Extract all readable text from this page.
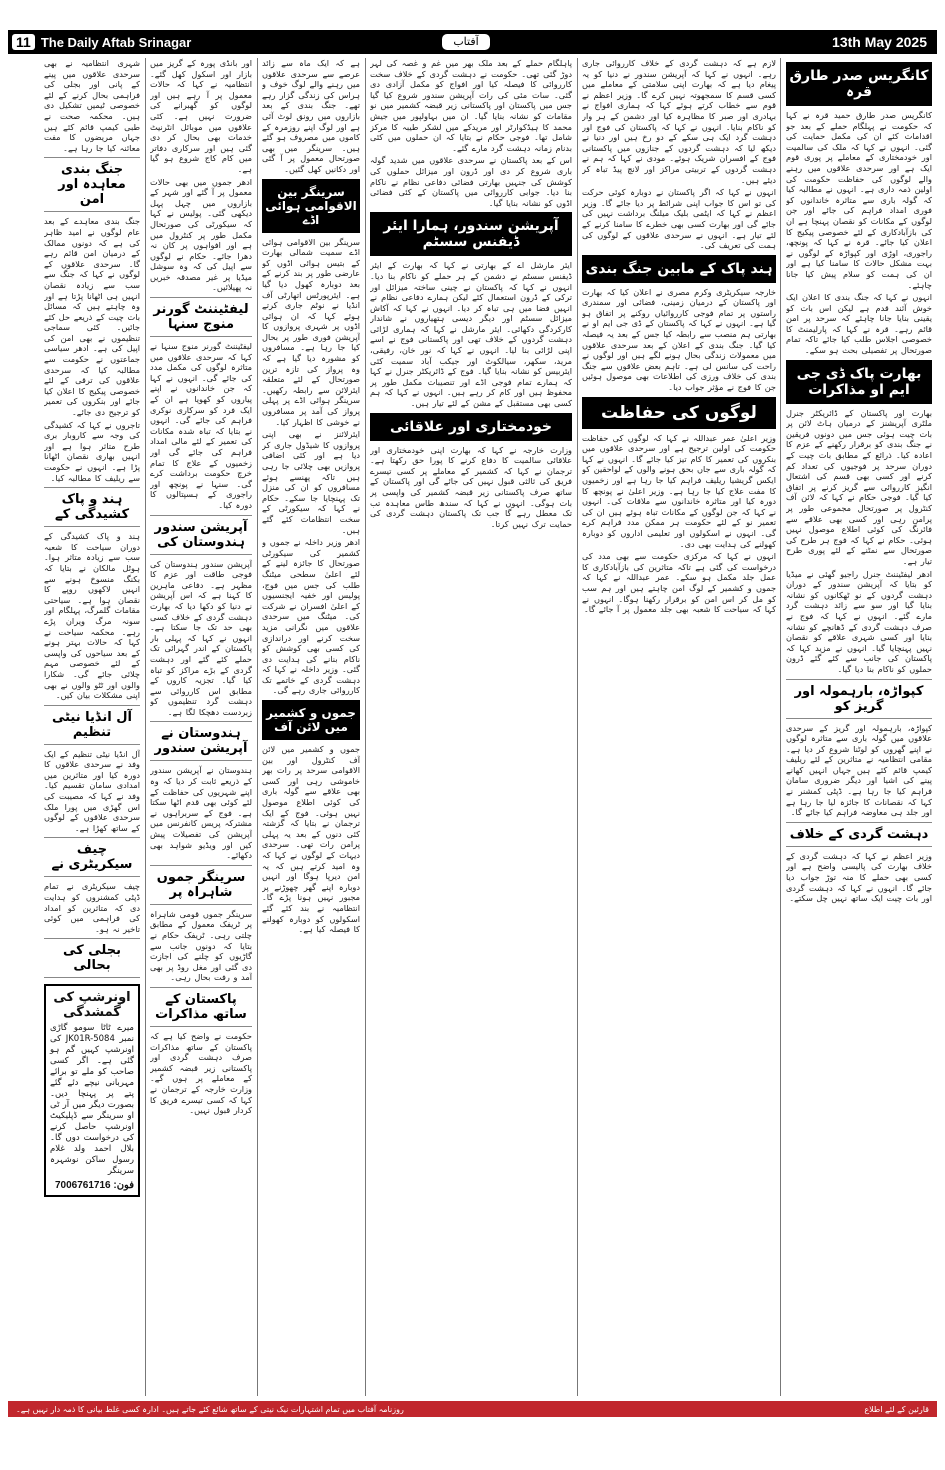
11 The Daily Aftab Srinagar	13th May 2025
آفتاب
کانگریس صدر طارق قرہ

کانگریس صدر طارق حمید قرہ نے کہا کہ حکومت نے پہلگام حملے کے بعد جو اقدامات کئے ان کی مکمل حمایت کی گئی۔ انہوں نے کہا کہ ملک کی سالمیت اور خودمختاری کے معاملے پر پوری قوم ایک ہے اور سرحدی علاقوں میں رہنے والے لوگوں کی حفاظت حکومت کی اولین ذمہ داری ہے۔ انہوں نے مطالبہ کیا کہ گولہ باری سے متاثرہ خاندانوں کو فوری امداد فراہم کی جائے اور جن لوگوں کے مکانات کو نقصان پہنچا ہے ان کی بازآبادکاری کے لئے خصوصی پیکیج کا اعلان کیا جائے۔ قرہ نے کہا کہ پونچھ، راجوری، اوڑی اور کپواڑہ کے لوگوں نے بہت مشکل حالات کا سامنا کیا ہے اور ان کی ہمت کو سلام پیش کیا جانا چاہئے۔

انہوں نے کہا کہ جنگ بندی کا اعلان ایک خوش آئند قدم ہے لیکن اس بات کو یقینی بنایا جانا چاہئے کہ سرحد پر امن قائم رہے۔ قرہ نے کہا کہ پارلیمنٹ کا خصوصی اجلاس طلب کیا جائے تاکہ تمام صورتحال پر تفصیلی بحث ہو سکے۔

بھارت پاک ڈی جی ایم او مذاکرات

بھارت اور پاکستان کے ڈائریکٹر جنرل ملٹری آپریشنز کے درمیان ہاٹ لائن پر بات چیت ہوئی جس میں دونوں فریقین نے جنگ بندی کو برقرار رکھنے کے عزم کا اعادہ کیا۔ ذرائع کے مطابق بات چیت کے دوران سرحد پر فوجیوں کی تعداد کم کرنے اور کسی بھی قسم کی اشتعال انگیز کارروائی سے گریز کرنے پر اتفاق کیا گیا۔ فوجی حکام نے کہا کہ لائن آف کنٹرول پر صورتحال مجموعی طور پر پرامن رہی اور کسی بھی علاقے سے فائرنگ کی کوئی اطلاع موصول نہیں ہوئی۔ حکام نے کہا کہ فوج ہر طرح کی صورتحال سے نمٹنے کے لئے پوری طرح تیار ہے۔

ادھر لیفٹیننٹ جنرل راجیو گھئی نے میڈیا کو بتایا کہ آپریشن سندور کے دوران دہشت گردوں کے نو ٹھکانوں کو نشانہ بنایا گیا اور سو سے زائد دہشت گرد مارے گئے۔ انہوں نے کہا کہ فوج نے صرف دہشت گردی کے ڈھانچے کو نشانہ بنایا اور کسی شہری علاقے کو نقصان نہیں پہنچایا گیا۔ انہوں نے مزید کہا کہ پاکستان کی جانب سے کئے گئے ڈرون حملوں کو ناکام بنا دیا گیا۔

کپواڑہ، بارہمولہ اور گریز کو

کپواڑہ، بارہمولہ اور گریز کے سرحدی علاقوں میں گولہ باری سے متاثرہ لوگوں نے اپنے گھروں کو لوٹنا شروع کر دیا ہے۔ مقامی انتظامیہ نے متاثرین کے لئے ریلیف کیمپ قائم کئے ہیں جہاں انہیں کھانے پینے کی اشیا اور دیگر ضروری سامان فراہم کیا جا رہا ہے۔ ڈپٹی کمشنر نے کہا کہ نقصانات کا جائزہ لیا جا رہا ہے اور جلد ہی معاوضہ فراہم کیا جائے گا۔

دہشت گردی کے خلاف

وزیر اعظم نے کہا کہ دہشت گردی کے خلاف بھارت کی پالیسی واضح ہے اور کسی بھی حملے کا منہ توڑ جواب دیا جائے گا۔ انہوں نے کہا کہ دہشت گردی اور بات چیت ایک ساتھ نہیں چل سکتے۔

لازم ہے کہ دہشت گردی کے خلاف کارروائی جاری رہے۔ انہوں نے کہا کہ آپریشن سندور نے دنیا کو یہ پیغام دیا ہے کہ بھارت اپنی سلامتی کے معاملے میں کسی قسم کا سمجھوتہ نہیں کرے گا۔ وزیر اعظم نے قوم سے خطاب کرتے ہوئے کہا کہ ہماری افواج نے بہادری اور صبر کا مظاہرہ کیا اور دشمن کے ہر وار کو ناکام بنایا۔ انہوں نے کہا کہ پاکستان کی فوج اور دہشت گرد ایک ہی سکے کے دو رخ ہیں اور دنیا نے دیکھ لیا کہ دہشت گردوں کے جنازوں میں پاکستانی فوج کے افسران شریک ہوئے۔ مودی نے کہا کہ ہم نے دہشت گردوں کے تربیتی مراکز اور لانچ پیڈ تباہ کر دیئے ہیں۔

انہوں نے کہا کہ اگر پاکستان نے دوبارہ کوئی حرکت کی تو اس کا جواب اپنی شرائط پر دیا جائے گا۔ وزیر اعظم نے کہا کہ ایٹمی بلیک میلنگ برداشت نہیں کی جائے گی اور بھارت کسی بھی خطرے کا سامنا کرنے کے لئے تیار ہے۔ انہوں نے سرحدی علاقوں کے لوگوں کی ہمت کی تعریف کی۔

ہند پاک کے مابین جنگ بندی

خارجہ سیکریٹری وکرم مصری نے اعلان کیا کہ بھارت اور پاکستان کے درمیان زمینی، فضائی اور سمندری راستوں پر تمام فوجی کارروائیاں روکنے پر اتفاق ہو گیا ہے۔ انہوں نے کہا کہ پاکستان کے ڈی جی ایم او نے بھارتی ہم منصب سے رابطہ کیا جس کے بعد یہ فیصلہ کیا گیا۔ جنگ بندی کے اعلان کے بعد سرحدی علاقوں میں معمولات زندگی بحال ہونے لگے ہیں اور لوگوں نے راحت کی سانس لی ہے۔ تاہم بعض علاقوں سے جنگ بندی کی خلاف ورزی کی اطلاعات بھی موصول ہوئیں جن کا فوج نے مؤثر جواب دیا۔

لوگوں کی حفاظت

وزیر اعلیٰ عمر عبداللہ نے کہا کہ لوگوں کی حفاظت حکومت کی اولین ترجیح ہے اور سرحدی علاقوں میں بنکروں کی تعمیر کا کام تیز کیا جائے گا۔ انہوں نے کہا کہ گولہ باری سے جاں بحق ہونے والوں کے لواحقین کو ایکس گریشیا ریلیف فراہم کیا جا رہا ہے اور زخمیوں کا مفت علاج کیا جا رہا ہے۔ وزیر اعلیٰ نے پونچھ کا دورہ کیا اور متاثرہ خاندانوں سے ملاقات کی۔ انہوں نے کہا کہ جن لوگوں کے مکانات تباہ ہوئے ہیں ان کی تعمیر نو کے لئے حکومت ہر ممکن مدد فراہم کرے گی۔ انہوں نے اسکولوں اور تعلیمی اداروں کو دوبارہ کھولنے کی ہدایت بھی دی۔

انہوں نے کہا کہ مرکزی حکومت سے بھی مدد کی درخواست کی گئی ہے تاکہ متاثرین کی بازآبادکاری کا عمل جلد مکمل ہو سکے۔ عمر عبداللہ نے کہا کہ جموں و کشمیر کے لوگ امن چاہتے ہیں اور ہم سب کو مل کر اس امن کو برقرار رکھنا ہوگا۔ انہوں نے کہا کہ سیاحت کا شعبہ بھی جلد معمول پر آ جائے گا۔

پاہلگام حملے کے بعد ملک بھر میں غم و غصہ کی لہر دوڑ گئی تھی۔ حکومت نے دہشت گردی کے خلاف سخت کارروائی کا فیصلہ کیا اور افواج کو مکمل آزادی دی گئی۔ سات مئی کی رات آپریشن سندور شروع کیا گیا جس میں پاکستان اور پاکستانی زیر قبضہ کشمیر میں نو مقامات کو نشانہ بنایا گیا۔ ان میں بہاولپور میں جیش محمد کا ہیڈکوارٹر اور مریدکے میں لشکر طیبہ کا مرکز شامل تھا۔ فوجی حکام نے بتایا کہ ان حملوں میں کئی بدنام زمانہ دہشت گرد مارے گئے۔

اس کے بعد پاکستان نے سرحدی علاقوں میں شدید گولہ باری شروع کر دی اور ڈرون اور میزائل حملوں کی کوشش کی جنہیں بھارتی فضائی دفاعی نظام نے ناکام بنا دیا۔ جوابی کارروائی میں پاکستان کے کئی فضائی اڈوں کو نشانہ بنایا گیا۔

آپریشن سندور، ہمارا ایئر ڈیفنس سسٹم

ایئر مارشل اے کے بھارتی نے کہا کہ بھارت کے ایئر ڈیفنس سسٹم نے دشمن کے ہر حملے کو ناکام بنا دیا۔ انہوں نے کہا کہ پاکستان نے چینی ساختہ میزائل اور ترکی کے ڈرون استعمال کئے لیکن ہمارے دفاعی نظام نے انہیں فضا میں ہی تباہ کر دیا۔ انہوں نے کہا کہ آکاش میزائل سسٹم اور دیگر دیسی ہتھیاروں نے شاندار کارکردگی دکھائی۔ ایئر مارشل نے کہا کہ ہماری لڑائی دہشت گردوں کے خلاف تھی اور پاکستانی فوج نے اسے اپنی لڑائی بنا لیا۔ انہوں نے کہا کہ نور خان، رفیقی، مرید، سکھر، سیالکوٹ اور جیکب آباد سمیت کئی ایئربیس کو نشانہ بنایا گیا۔ فوج کے ڈائریکٹر جنرل نے کہا کہ ہمارے تمام فوجی اڈے اور تنصیبات مکمل طور پر محفوظ ہیں اور کام کر رہے ہیں۔ انہوں نے کہا کہ ہم کسی بھی مستقبل کے مشن کے لئے تیار ہیں۔

خودمختاری اور علاقائی

وزارت خارجہ نے کہا کہ بھارت اپنی خودمختاری اور علاقائی سالمیت کا دفاع کرنے کا پورا حق رکھتا ہے۔ ترجمان نے کہا کہ کشمیر کے معاملے پر کسی تیسرے فریق کی ثالثی قبول نہیں کی جائے گی اور پاکستان کے ساتھ صرف پاکستانی زیر قبضہ کشمیر کی واپسی پر بات ہوگی۔ انہوں نے کہا کہ سندھ طاس معاہدہ تب تک معطل رہے گا جب تک پاکستان دہشت گردی کی حمایت ترک نہیں کرتا۔

ہے کہ ایک ماہ سے زائد عرصے سے سرحدی علاقوں میں رہنے والے لوگ خوف و ہراس کی زندگی گزار رہے تھے۔ جنگ بندی کے بعد بازاروں میں رونق لوٹ آئی ہے اور لوگ اپنے روزمرہ کے کاموں میں مصروف ہو گئے ہیں۔ سرینگر میں بھی صورتحال معمول پر آ گئی اور دکانیں کھل گئیں۔

سرینگر بین الاقوامی ہوائی اڈے

سرینگر بین الاقوامی ہوائی اڈے سمیت شمالی بھارت کے بتیس ہوائی اڈوں کو عارضی طور پر بند کرنے کے بعد دوبارہ کھول دیا گیا ہے۔ ایئرپورٹس اتھارٹی آف انڈیا نے نوٹم جاری کرتے ہوئے کہا کہ ان ہوائی اڈوں پر شہری پروازوں کا آپریشن فوری طور پر بحال کیا جا رہا ہے۔ مسافروں کو مشورہ دیا گیا ہے کہ وہ پرواز کی تازہ ترین صورتحال کے لئے متعلقہ ایئرلائن سے رابطہ رکھیں۔ سرینگر ہوائی اڈے پر پہلی پرواز کی آمد پر مسافروں نے خوشی کا اظہار کیا۔

ایئرلائنز نے بھی اپنی پروازوں کا شیڈول جاری کر دیا ہے اور کئی اضافی پروازیں بھی چلائی جا رہی ہیں تاکہ پھنسے ہوئے مسافروں کو ان کی منزل تک پہنچایا جا سکے۔ حکام نے کہا کہ سیکورٹی کے سخت انتظامات کئے گئے ہیں۔

ادھر وزیر داخلہ نے جموں و کشمیر کی سیکورٹی صورتحال کا جائزہ لینے کے لئے اعلیٰ سطحی میٹنگ طلب کی جس میں فوج، پولیس اور خفیہ ایجنسیوں کے اعلیٰ افسران نے شرکت کی۔ میٹنگ میں سرحدی علاقوں میں نگرانی مزید سخت کرنے اور دراندازی کی کسی بھی کوشش کو ناکام بنانے کی ہدایت دی گئی۔ وزیر داخلہ نے کہا کہ دہشت گردی کے خاتمے تک کارروائی جاری رہے گی۔

جموں و کشمیر میں لائن آف

جموں و کشمیر میں لائن آف کنٹرول اور بین الاقوامی سرحد پر رات بھر خاموشی رہی اور کسی بھی علاقے سے گولہ باری کی کوئی اطلاع موصول نہیں ہوئی۔ فوج کے ایک ترجمان نے بتایا کہ گزشتہ کئی دنوں کے بعد یہ پہلی پرامن رات تھی۔ سرحدی دیہات کے لوگوں نے کہا کہ وہ امید کرتے ہیں کہ یہ امن دیرپا ہوگا اور انہیں دوبارہ اپنے گھر چھوڑنے پر مجبور نہیں ہونا پڑے گا۔ انتظامیہ نے بند کئے گئے اسکولوں کو دوبارہ کھولنے کا فیصلہ کیا ہے۔

اور بانڈی پورہ کے گریز میں بازار اور اسکول کھل گئے۔ انتظامیہ نے کہا کہ حالات معمول پر آ رہے ہیں اور لوگوں کو گھبرانے کی ضرورت نہیں ہے۔ کئی علاقوں میں موبائل انٹرنیٹ خدمات بھی بحال کر دی گئی ہیں اور سرکاری دفاتر میں کام کاج شروع ہو گیا ہے۔

ادھر جموں میں بھی حالات معمول پر آ گئے اور شہر کے بازاروں میں چہل پہل دیکھی گئی۔ پولیس نے کہا کہ سیکورٹی کی صورتحال مکمل طور پر کنٹرول میں ہے اور افواہوں پر کان نہ دھرا جائے۔ حکام نے لوگوں سے اپیل کی کہ وہ سوشل میڈیا پر غیر مصدقہ خبریں نہ پھیلائیں۔

لیفٹیننٹ گورنر منوج سنہا

لیفٹیننٹ گورنر منوج سنہا نے کہا کہ سرحدی علاقوں میں متاثرہ لوگوں کی مکمل مدد کی جائے گی۔ انہوں نے کہا کہ جن خاندانوں نے اپنے پیاروں کو کھویا ہے ان کے ایک فرد کو سرکاری نوکری فراہم کی جائے گی۔ انہوں نے بتایا کہ تباہ شدہ مکانات کی تعمیر کے لئے مالی امداد فراہم کی جائے گی اور زخمیوں کے علاج کا تمام خرچ حکومت برداشت کرے گی۔ سنہا نے پونچھ اور راجوری کے ہسپتالوں کا دورہ کیا۔

آپریشن سندور ہندوستان کی

آپریشن سندور ہندوستان کی فوجی طاقت اور عزم کا مظہر ہے۔ دفاعی ماہرین کا کہنا ہے کہ اس آپریشن نے دنیا کو دکھا دیا کہ بھارت دہشت گردی کے خلاف کسی بھی حد تک جا سکتا ہے۔ انہوں نے کہا کہ پہلی بار پاکستان کے اندر گہرائی تک حملے کئے گئے اور دہشت گردی کے بڑے مراکز کو تباہ کیا گیا۔ تجزیہ کاروں کے مطابق اس کارروائی سے دہشت گرد تنظیموں کو زبردست دھچکا لگا ہے۔

ہندوستان نے آپریشن سندور

ہندوستان نے آپریشن سندور کے ذریعے ثابت کر دیا کہ وہ اپنے شہریوں کی حفاظت کے لئے کوئی بھی قدم اٹھا سکتا ہے۔ فوج کے سربراہوں نے مشترکہ پریس کانفرنس میں آپریشن کی تفصیلات پیش کیں اور ویڈیو شواہد بھی دکھائے۔

سرینگر جموں شاہراہ پر

سرینگر جموں قومی شاہراہ پر ٹریفک معمول کے مطابق چلتی رہی۔ ٹریفک حکام نے بتایا کہ دونوں جانب سے گاڑیوں کو چلنے کی اجازت دی گئی اور مغل روڈ پر بھی آمد و رفت بحال رہی۔

پاکستان کے ساتھ مذاکرات

حکومت نے واضح کیا ہے کہ پاکستان کے ساتھ مذاکرات صرف دہشت گردی اور پاکستانی زیر قبضہ کشمیر کے معاملے پر ہوں گے۔ وزارت خارجہ کے ترجمان نے کہا کہ کسی تیسرے فریق کا کردار قبول نہیں۔

شہری انتظامیہ نے بھی سرحدی علاقوں میں پینے کے پانی اور بجلی کی فراہمی بحال کرنے کے لئے خصوصی ٹیمیں تشکیل دی ہیں۔ محکمہ صحت نے طبی کیمپ قائم کئے ہیں جہاں مریضوں کا مفت معائنہ کیا جا رہا ہے۔

جنگ بندی معاہدہ اور امن

جنگ بندی معاہدے کے بعد عام لوگوں نے امید ظاہر کی ہے کہ دونوں ممالک کے درمیان امن قائم رہے گا۔ سرحدی علاقوں کے لوگوں نے کہا کہ جنگ سے سب سے زیادہ نقصان انہیں ہی اٹھانا پڑتا ہے اور وہ چاہتے ہیں کہ مسائل بات چیت کے ذریعے حل کئے جائیں۔ کئی سماجی تنظیموں نے بھی امن کی اپیل کی ہے۔ ادھر سیاسی جماعتوں نے حکومت سے مطالبہ کیا کہ سرحدی علاقوں کی ترقی کے لئے خصوصی پیکیج کا اعلان کیا جائے اور بنکروں کی تعمیر کو ترجیح دی جائے۔

تاجروں نے کہا کہ کشیدگی کی وجہ سے کاروبار بری طرح متاثر ہوا ہے اور انہیں بھاری نقصان اٹھانا پڑا ہے۔ انہوں نے حکومت سے ریلیف کا مطالبہ کیا۔

ہند و پاک کشیدگی کے

ہند و پاک کشیدگی کے دوران سیاحت کا شعبہ سب سے زیادہ متاثر ہوا۔ ہوٹل مالکان نے بتایا کہ بکنگ منسوخ ہونے سے انہیں لاکھوں روپے کا نقصان ہوا ہے۔ سیاحتی مقامات گلمرگ، پہلگام اور سونہ مرگ ویران پڑے رہے۔ محکمہ سیاحت نے کہا کہ حالات بہتر ہونے کے بعد سیاحوں کی واپسی کے لئے خصوصی مہم چلائی جائے گی۔ شکارا والوں اور ٹٹو والوں نے بھی اپنی مشکلات بیان کیں۔

آل انڈیا نیٹی تنظیم

آل انڈیا نیٹی تنظیم کے ایک وفد نے سرحدی علاقوں کا دورہ کیا اور متاثرین میں امدادی سامان تقسیم کیا۔ وفد نے کہا کہ مصیبت کی اس گھڑی میں پورا ملک سرحدی علاقوں کے لوگوں کے ساتھ کھڑا ہے۔

چیف سیکریٹری نے

چیف سیکریٹری نے تمام ڈپٹی کمشنروں کو ہدایت دی کہ متاثرین کو امداد کی فراہمی میں کوئی تاخیر نہ ہو۔

بجلی کی بحالی
اونرشپ کی گمشدگی
میرے ٹاٹا سومو گاڑی نمبر JK01R-5084 کی اونرشپ کہیں گم ہو گئی ہے۔ اگر کسی صاحب کو ملے تو برائے مہربانی نیچے دئے گئے پتے پر پہنچا دیں۔ بصورت دیگر میں آر ٹی او سرینگر سے ڈپلیکیٹ اونرشپ حاصل کرنے کی درخواست دوں گا۔ بلال احمد ولد غلام رسول ساکن نوشہرہ سرینگر
فون: 7006761716
قارئین کے لئے اطلاع
روزنامہ آفتاب میں تمام اشتہارات نیک نیتی کے ساتھ شائع کئے جاتے ہیں۔ ادارہ کسی غلط بیانی کا ذمہ دار نہیں ہے۔
